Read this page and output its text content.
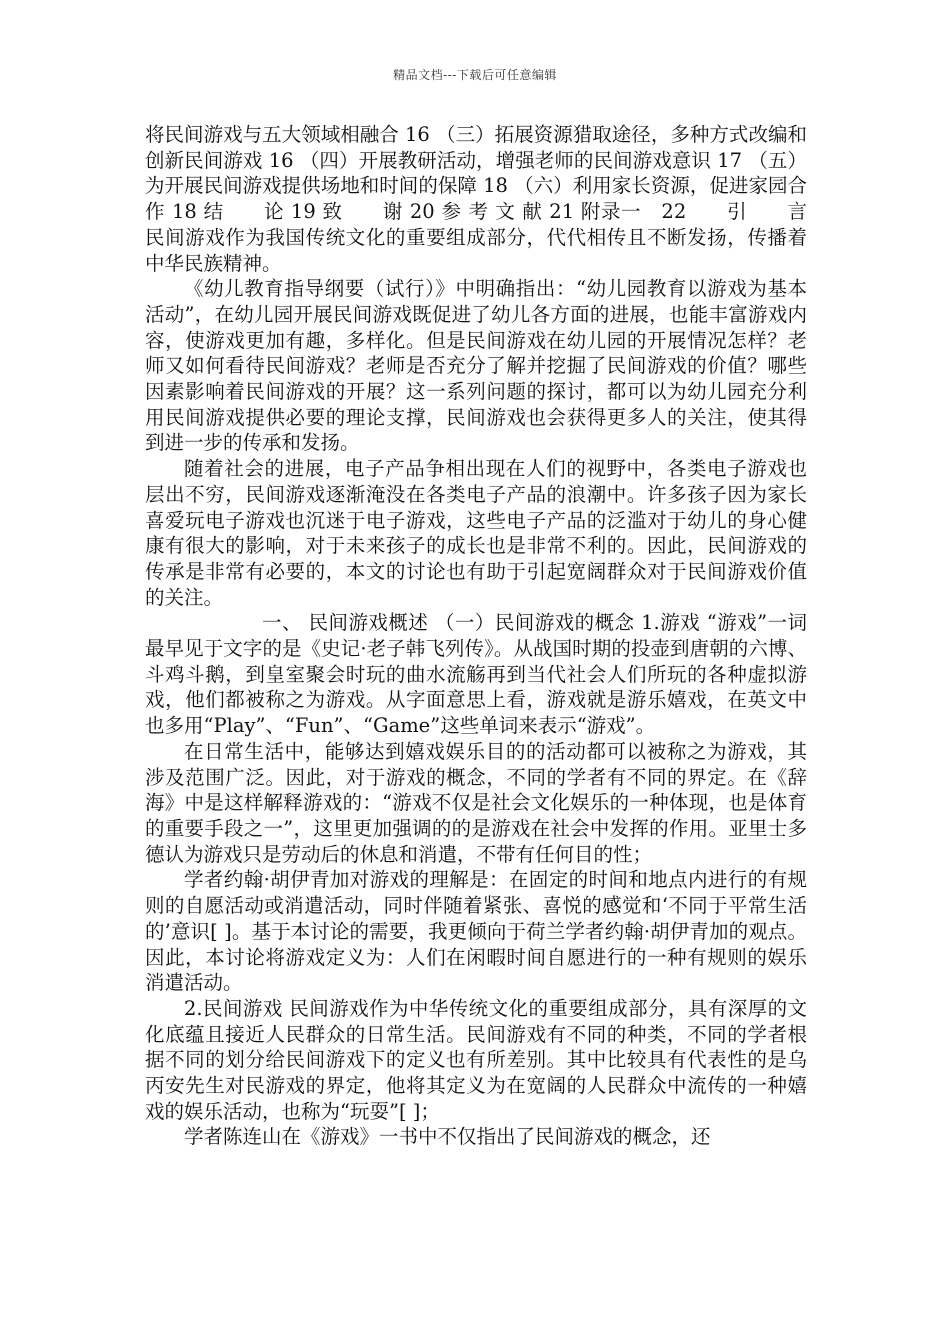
精品文档---下载后可任意编辑

将民间游戏与五大领域相融合 16 （三）拓展资源猎取途径，多种方式改编和创新民间游戏 16 （四）开展教研活动，增强老师的民间游戏意识 17 （五）为开展民间游戏提供场地和时间的保障 18 （六）利用家长资源，促进家园合作 18 结　　论 19 致　　谢 20 参 考 文 献 21 附录一　22　　引　　言 民间游戏作为我国传统文化的重要组成部分，代代相传且不断发扬，传播着中华民族精神。

《幼儿教育指导纲要（试行）》中明确指出：“幼儿园教育以游戏为基本活动”，在幼儿园开展民间游戏既促进了幼儿各方面的进展，也能丰富游戏内容，使游戏更加有趣，多样化。但是民间游戏在幼儿园的开展情况怎样？老师又如何看待民间游戏？老师是否充分了解并挖掘了民间游戏的价值？哪些因素影响着民间游戏的开展？这一系列问题的探讨，都可以为幼儿园充分利用民间游戏提供必要的理论支撑，民间游戏也会获得更多人的关注，使其得到进一步的传承和发扬。

随着社会的进展，电子产品争相出现在人们的视野中，各类电子游戏也层出不穷，民间游戏逐渐淹没在各类电子产品的浪潮中。许多孩子因为家长喜爱玩电子游戏也沉迷于电子游戏，这些电子产品的泛滥对于幼儿的身心健康有很大的影响，对于未来孩子的成长也是非常不利的。因此，民间游戏的传承是非常有必要的，本文的讨论也有助于引起宽阔群众对于民间游戏价值的关注。

一、 民间游戏概述 （一）民间游戏的概念 1.游戏 “游戏”一词最早见于文字的是《史记·老子韩飞列传》。从战国时期的投壶到唐朝的六博、斗鸡斗鹅，到皇室聚会时玩的曲水流觞再到当代社会人们所玩的各种虚拟游戏，他们都被称之为游戏。从字面意思上看，游戏就是游乐嬉戏，在英文中也多用“Play”、“Fun”、“Game”这些单词来表示“游戏”。

在日常生活中，能够达到嬉戏娱乐目的的活动都可以被称之为游戏，其涉及范围广泛。因此，对于游戏的概念，不同的学者有不同的界定。在《辞海》中是这样解释游戏的：“游戏不仅是社会文化娱乐的一种体现，也是体育的重要手段之一”，这里更加强调的的是游戏在社会中发挥的作用。亚里士多德认为游戏只是劳动后的休息和消遣，不带有任何目的性；

学者约翰·胡伊青加对游戏的理解是：在固定的时间和地点内进行的有规则的自愿活动或消遣活动，同时伴随着紧张、喜悦的感觉和‘不同于平常生活的’意识[ ]。基于本讨论的需要，我更倾向于荷兰学者约翰·胡伊青加的观点。因此，本讨论将游戏定义为：人们在闲暇时间自愿进行的一种有规则的娱乐消遣活动。

2.民间游戏 民间游戏作为中华传统文化的重要组成部分，具有深厚的文化底蕴且接近人民群众的日常生活。民间游戏有不同的种类，不同的学者根据不同的划分给民间游戏下的定义也有所差别。其中比较具有代表性的是乌丙安先生对民游戏的界定，他将其定义为在宽阔的人民群众中流传的一种嬉戏的娱乐活动，也称为“玩耍”[ ]；

学者陈连山在《游戏》一书中不仅指出了民间游戏的概念，还
